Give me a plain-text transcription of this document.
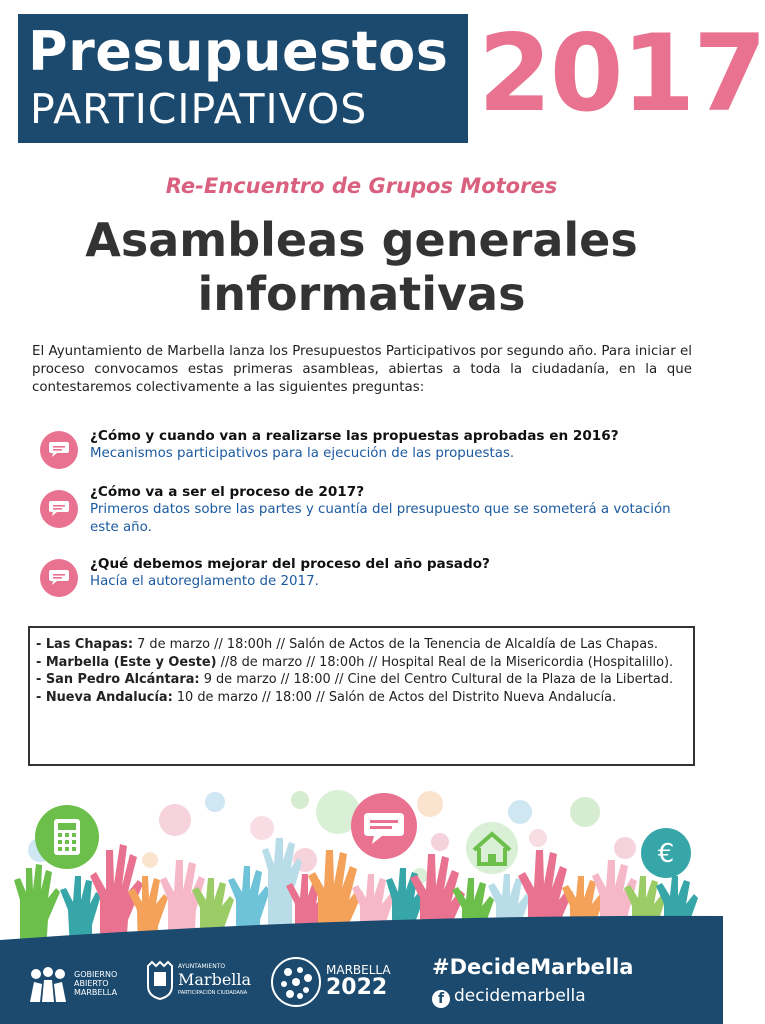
Presupuestos
PARTICIPATIVOS 2017
Re-Encuentro de Grupos Motores
Asambleas generales
informativas
El Ayuntamiento de Marbella lanza los Presupuestos Participativos por segundo año. Para iniciar el proceso convocamos estas primeras asambleas, abiertas a toda la ciudadanía, en la que contestaremos colectivamente a las siguientes preguntas:
¿Cómo y cuando van a realizarse las propuestas aprobadas en 2016?
Mecanismos participativos para la ejecución de las propuestas.
¿Cómo va a ser el proceso de 2017?
Primeros datos sobre las partes y cuantía del presupuesto que se someterá a votación este año.
¿Qué debemos mejorar del proceso del año pasado?
Hacía el autoreglamento de 2017.
- Las Chapas: 7 de marzo // 18:00h // Salón de Actos de la Tenencia de Alcaldía de Las Chapas.
- Marbella (Este y Oeste) //8 de marzo // 18:00h // Hospital Real de la Misericordia (Hospitalillo).
- San Pedro Alcántara: 9 de marzo // 18:00 // Cine del Centro Cultural de la Plaza de la Libertad.
- Nueva Andalucía: 10 de marzo // 18:00 // Salón de Actos del Distrito Nueva Andalucía.
€
GOBIERNO
ABIERTO
MARBELLA
AYUNTAMIENTO
Marbella
PARTICIPACIÓN CIUDADANA
MARBELLA
2022
#DecideMarbella
f decidemarbella
